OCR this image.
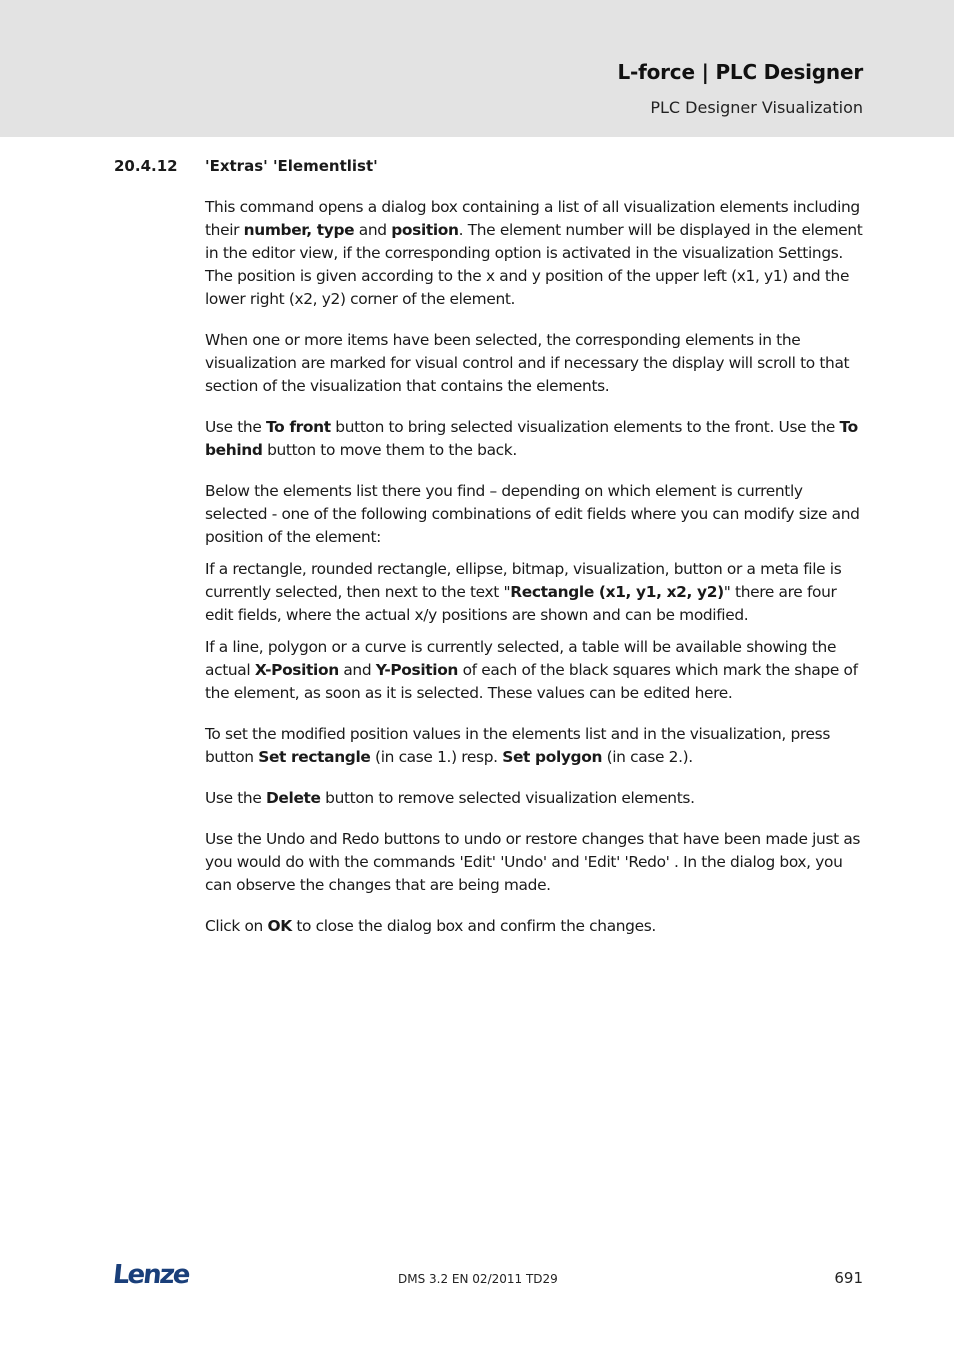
L-force | PLC Designer
PLC Designer Visualization
20.4.12 'Extras' 'Elementlist'

This command opens a dialog box containing a list of all visualization elements including their number, type and position. The element number will be displayed in the element in the editor view, if the corresponding option is activated in the visualization Settings. The position is given according to the x and y position of the upper left (x1, y1) and the lower right (x2, y2) corner of the element.

When one or more items have been selected, the corresponding elements in the visualization are marked for visual control and if necessary the display will scroll to that section of the visualization that contains the elements.

Use the To front button to bring selected visualization elements to the front. Use the To behind button to move them to the back.

Below the elements list there you find – depending on which element is currently selected - one of the following combinations of edit fields where you can modify size and position of the element:

If a rectangle, rounded rectangle, ellipse, bitmap, visualization, button or a meta file is currently selected, then next to the text "Rectangle (x1, y1, x2, y2)" there are four edit fields, where the actual x/y positions are shown and can be modified.

If a line, polygon or a curve is currently selected, a table will be available showing the actual X-Position and Y-Position of each of the black squares which mark the shape of the element, as soon as it is selected. These values can be edited here.

To set the modified position values in the elements list and in the visualization, press button Set rectangle (in case 1.) resp. Set polygon (in case 2.).

Use the Delete button to remove selected visualization elements.

Use the Undo and Redo buttons to undo or restore changes that have been made just as you would do with the commands 'Edit' 'Undo' and 'Edit' 'Redo' . In the dialog box, you can observe the changes that are being made.

Click on OK to close the dialog box and confirm the changes.

Lenze	DMS 3.2 EN 02/2011 TD29	691
